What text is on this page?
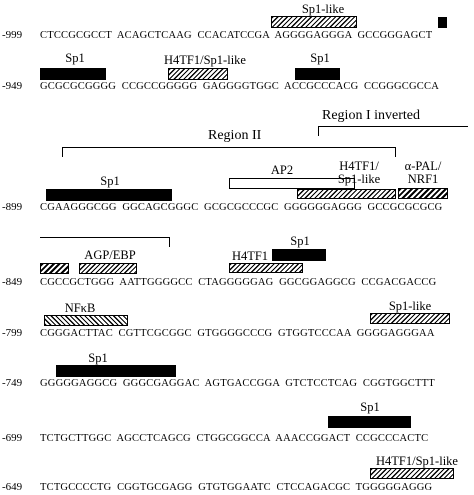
Sp1-like
-999 CTCCGCGCCT  ACAGCTCAAG  CCACATCCGA  AGGGGAGGGA  GCCGGGAGCT
Sp1	H4TF1/Sp1-like	Sp1
-949 GCGCGCGGGG  CCGCCGGGGG  GAGGGGTGGC  ACCGCCCACG  CCGGGCGCCA
Region I inverted
Region II
Sp1
AP2	H4TF1/
Sp1-like
α-PAL/
NRF1
-899 CGAAGGGCGG  GGCAGCGGGC  GCGCGCCCGC  GGGGGGAGGG  GCCGCGCGCG
AGP/EBP	H4TF1
Sp1
-849 CGCCGCTGGG  AATTGGGGCC  CTAGGGGGAG  GGCGGAGGCG  CCGACGACCG
NFκB	Sp1-like
-799 CGGGACTTAC  CGTTCGCGGC  GTGGGGCCCG  GTGGTCCCAA  GGGGAGGGAA
Sp1
-749 GGGGGAGGCG  GGGCGAGGAC  AGTGACCGGA  GTCTCCTCAG  CGGTGGCTTT
Sp1
-699 TCTGCTTGGC  AGCCTCAGCG  CTGGCGGCCA  AAACCGGACT  CCGCCCACTC
H4TF1/Sp1-like
-649 TCTGCCCCTG  CGGTGCGAGG  GTGTGGAATC  CTCCAGACGC  TGGGGGAGGG
